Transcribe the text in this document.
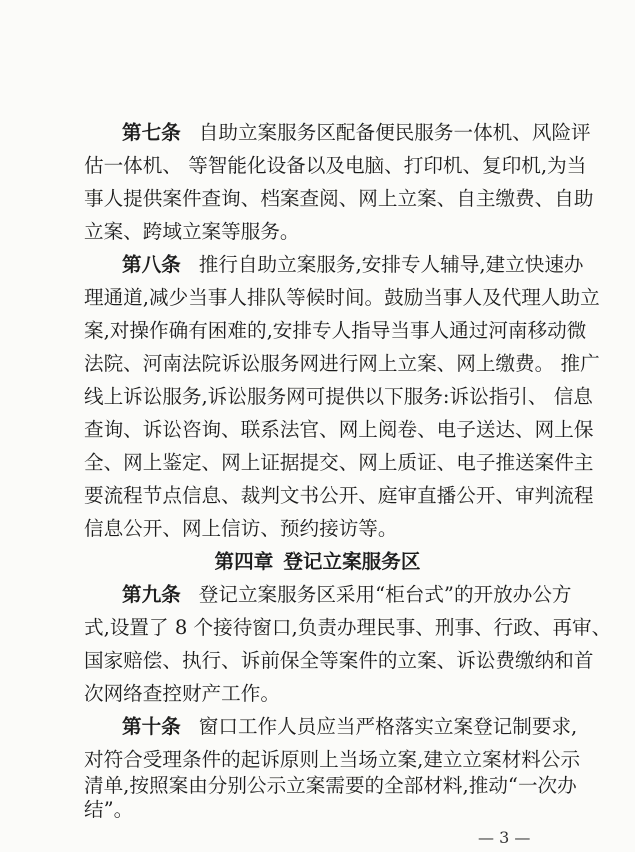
第七条 自助立案服务区配备便民服务一体机、风险评
估一体机、 等智能化设备以及电脑、打印机、复印机,为当
事人提供案件查询、档案查阅、网上立案、自主缴费、自助
立案、跨域立案等服务。
第八条 推行自助立案服务,安排专人辅导,建立快速办
理通道,减少当事人排队等候时间。鼓励当事人及代理人助立
案,对操作确有困难的,安排专人指导当事人通过河南移动微
法院、河南法院诉讼服务网进行网上立案、网上缴费。 推广
线上诉讼服务,诉讼服务网可提供以下服务:诉讼指引、 信息
查询、诉讼咨询、联系法官、网上阅卷、电子送达、网上保
全、网上鉴定、网上证据提交、网上质证、电子推送案件主
要流程节点信息、裁判文书公开、庭审直播公开、审判流程
信息公开、网上信访、预约接访等。
第四章 登记立案服务区
第九条 登记立案服务区采用“柜台式”的开放办公方
式,设置了 8 个接待窗口,负责办理民事、刑事、行政、再审、
国家赔偿、执行、诉前保全等案件的立案、诉讼费缴纳和首
次网络查控财产工作。
第十条 窗口工作人员应当严格落实立案登记制要求,
对符合受理条件的起诉原则上当场立案,建立立案材料公示
清单,按照案由分别公示立案需要的全部材料,推动“一次办
结”。
— 3 —
